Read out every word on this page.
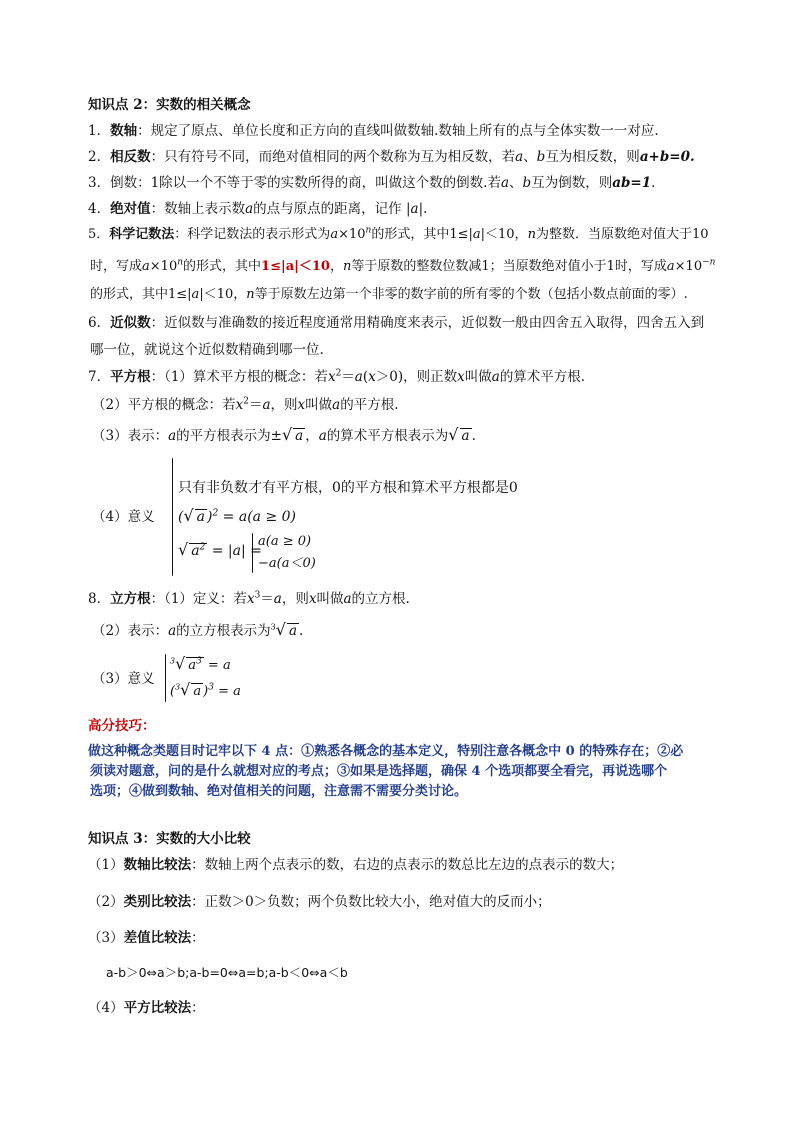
知识点 2：实数的相关概念
1．数轴：规定了原点、单位长度和正方向的直线叫做数轴.数轴上所有的点与全体实数一一对应.
2．相反数：只有符号不同，而绝对值相同的两个数称为互为相反数，若a、b互为相反数，则a+b=0.
3．倒数：1除以一个不等于零的实数所得的商，叫做这个数的倒数.若a、b互为倒数，则ab=1.
4．绝对值：数轴上表示数a的点与原点的距离，记作 |a|.
5．科学记数法：科学记数法的表示形式为$a\times 10^n$的形式，其中1≤|a|＜10，n为整数．当原数绝对值大于10
时，写成$a\times 10^n$的形式，其中1≤|a|＜10，n等于原数的整数位数减1；当原数绝对值小于1时，写成$a\times 10^{-n}$
的形式，其中1≤|a|＜10，n等于原数左边第一个非零的数字前的所有零的个数（包括小数点前面的零）.
6．近似数：近似数与准确数的接近程度通常用精确度来表示，近似数一般由四舍五入取得，四舍五入到
哪一位，就说这个近似数精确到哪一位.
7．平方根：（1）算术平方根的概念：若$x^2=a(x>0)$，则正数x叫做a的算术平方根.
（2）平方根的概念：若$x^2=a$，则x叫做a的平方根.
（3）表示：a的平方根表示为±√ a ，a的算术平方根表示为√ a .
（4）意义
只有非负数才有平方根，0的平方根和算术平方根都是0
(√ a )$^2$ = a(a ≥ 0)
√ $a^2 = |a|$ =
a(a ≥ 0)
−a(a＜0)
8．立方根：（1）定义：若$x^3=a$，则x叫做a的立方根.
（2）表示：a的立方根表示为$^3$√ a .
（3）意义
$^3$√ $a^3 = a$
($^3$√ a )$^3$ = a
高分技巧：
做这种概念类题目时记牢以下 4 点：①熟悉各概念的基本定义，特别注意各概念中 0 的特殊存在；②必
须读对题意，问的是什么就想对应的考点；③如果是选择题，确保 4 个选项都要全看完，再说选哪个
选项；④做到数轴、绝对值相关的问题，注意需不需要分类讨论。
知识点 3：实数的大小比较
（1）数轴比较法：数轴上两个点表示的数，右边的点表示的数总比左边的点表示的数大；
（2）类别比较法：正数＞0＞负数；两个负数比较大小，绝对值大的反而小；
（3）差值比较法：
a-b＞0⇔a＞b;a-b=0⇔a=b;a-b＜0⇔a＜b
（4）平方比较法：
